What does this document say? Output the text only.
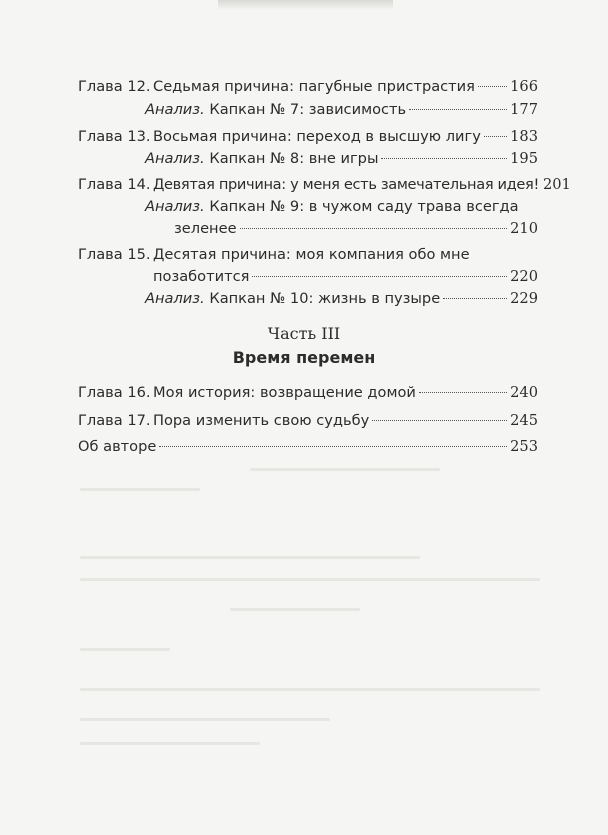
Глава 12. Седьмая причина: пагубные пристрастия 166
Анализ. Капкан № 7: зависимость	177
Глава 13. Восьмая причина: переход в высшую лигу 183
Анализ. Капкан № 8: вне игры	195
Глава 14. Девятая причина: у меня есть замечательная идея! 201
Анализ. Капкан № 9: в чужом саду трава всегда
зеленее	210
Глава 15. Десятая причина: моя компания обо мне
позаботится	220
Анализ. Капкан № 10: жизнь в пузыре	229
Часть III
Время перемен
Глава 16. Моя история: возвращение домой	240
Глава 17. Пора изменить свою судьбу	245
Об авторе	253
